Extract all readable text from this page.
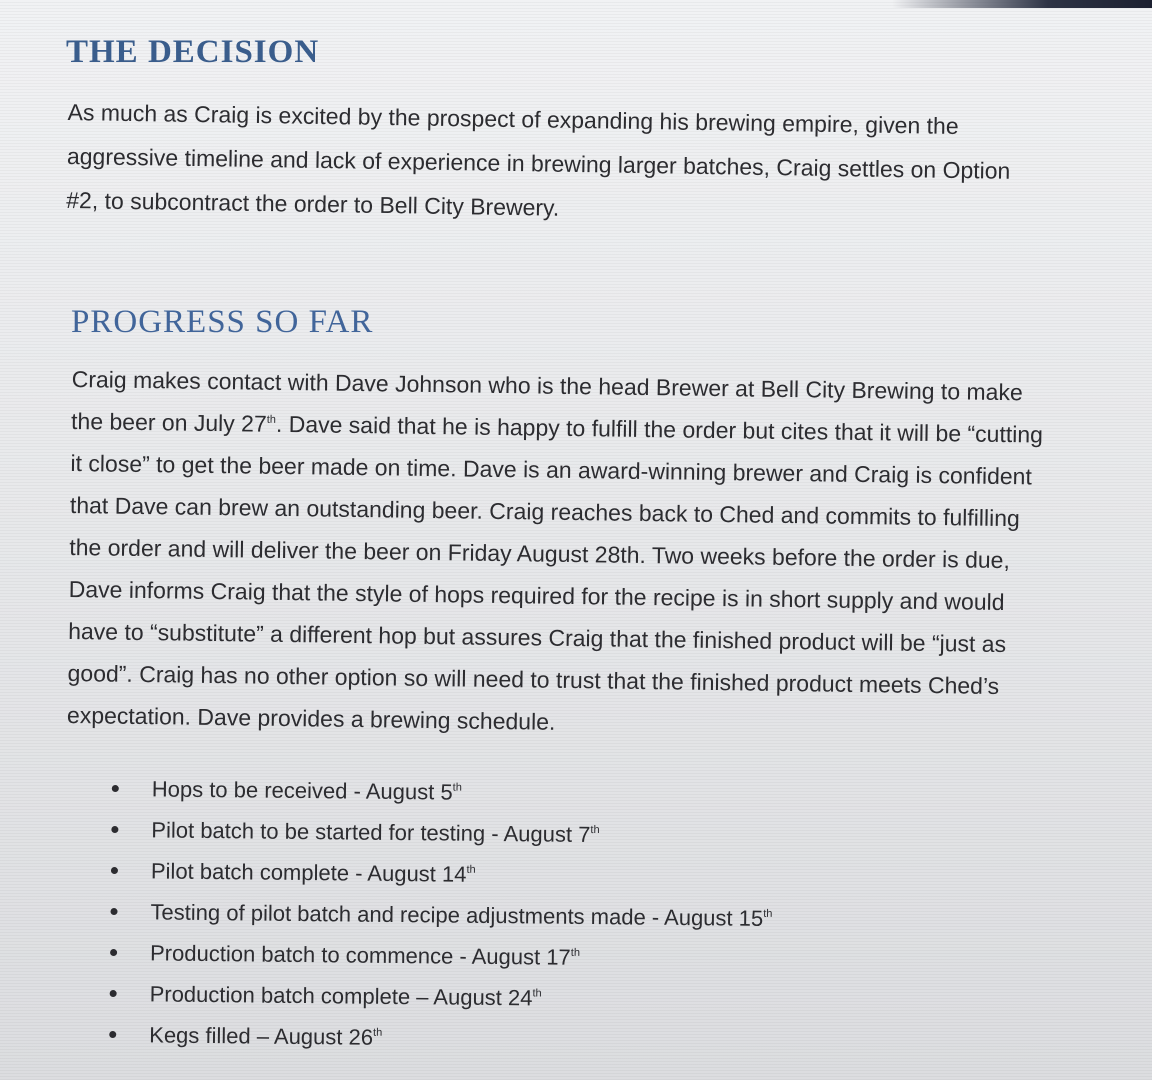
THE DECISION
As much as Craig is excited by the prospect of expanding his brewing empire, given the
aggressive timeline and lack of experience in brewing larger batches, Craig settles on Option
#2, to subcontract the order to Bell City Brewery.
PROGRESS SO FAR
Craig makes contact with Dave Johnson who is the head Brewer at Bell City Brewing to make
the beer on July 27th. Dave said that he is happy to fulfill the order but cites that it will be “cutting
it close” to get the beer made on time. Dave is an award-winning brewer and Craig is confident
that Dave can brew an outstanding beer. Craig reaches back to Ched and commits to fulfilling
the order and will deliver the beer on Friday August 28th. Two weeks before the order is due,
Dave informs Craig that the style of hops required for the recipe is in short supply and would
have to “substitute” a different hop but assures Craig that the finished product will be “just as
good”. Craig has no other option so will need to trust that the finished product meets Ched’s
expectation. Dave provides a brewing schedule.
Hops to be received - August 5th
Pilot batch to be started for testing - August 7th
Pilot batch complete - August 14th
Testing of pilot batch and recipe adjustments made - August 15th
Production batch to commence - August 17th
Production batch complete – August 24th
Kegs filled – August 26th
